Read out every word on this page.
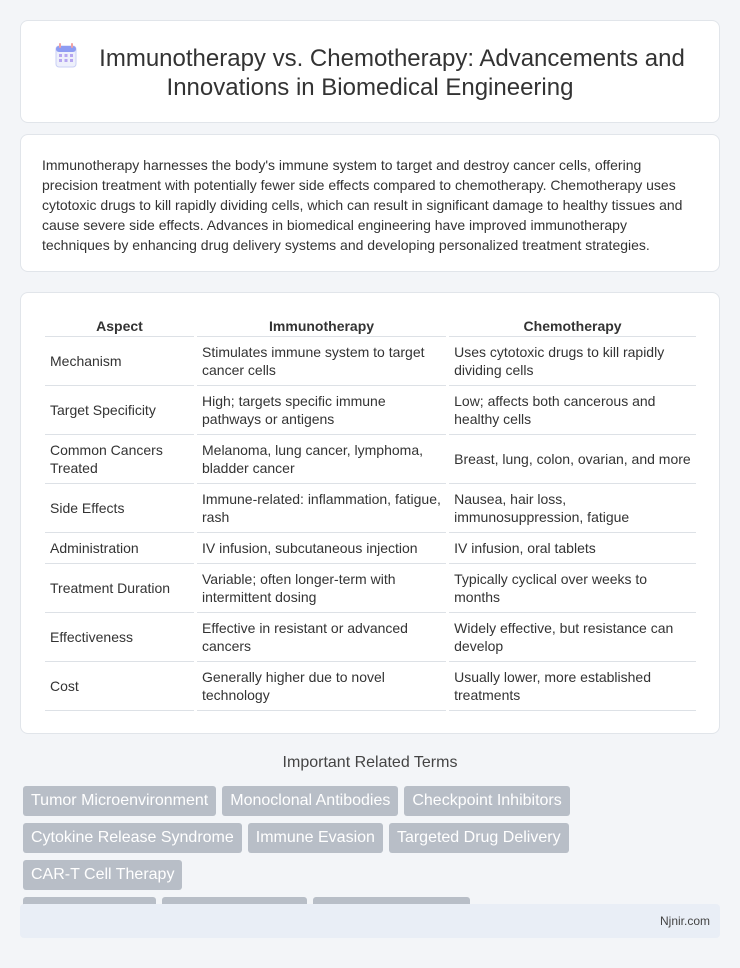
Immunotherapy vs. Chemotherapy: Advancements and Innovations in Biomedical Engineering

Immunotherapy harnesses the body's immune system to target and destroy cancer cells, offering precision treatment with potentially fewer side effects compared to chemotherapy. Chemotherapy uses cytotoxic drugs to kill rapidly dividing cells, which can result in significant damage to healthy tissues and cause severe side effects. Advances in biomedical engineering have improved immunotherapy techniques by enhancing drug delivery systems and developing personalized treatment strategies.

Aspect	Immunotherapy	Chemotherapy
Mechanism	Stimulates immune system to target cancer cells	Uses cytotoxic drugs to kill rapidly dividing cells
Target Specificity	High; targets specific immune pathways or antigens	Low; affects both cancerous and healthy cells
Common Cancers Treated	Melanoma, lung cancer, lymphoma, bladder cancer	Breast, lung, colon, ovarian, and more
Side Effects	Immune-related: inflammation, fatigue, rash	Nausea, hair loss, immunosuppression, fatigue
Administration	IV infusion, subcutaneous injection	IV infusion, oral tablets
Treatment Duration	Variable; often longer-term with intermittent dosing	Typically cyclical over weeks to months
Effectiveness	Effective in resistant or advanced cancers	Widely effective, but resistance can develop
Cost	Generally higher due to novel technology	Usually lower, more established treatments
Important Related Terms
Tumor Microenvironment Monoclonal Antibodies Checkpoint Inhibitors
Cytokine Release Syndrome Immune Evasion Targeted Drug DeliveryCAR-T Cell Therapy

Njnir.com
